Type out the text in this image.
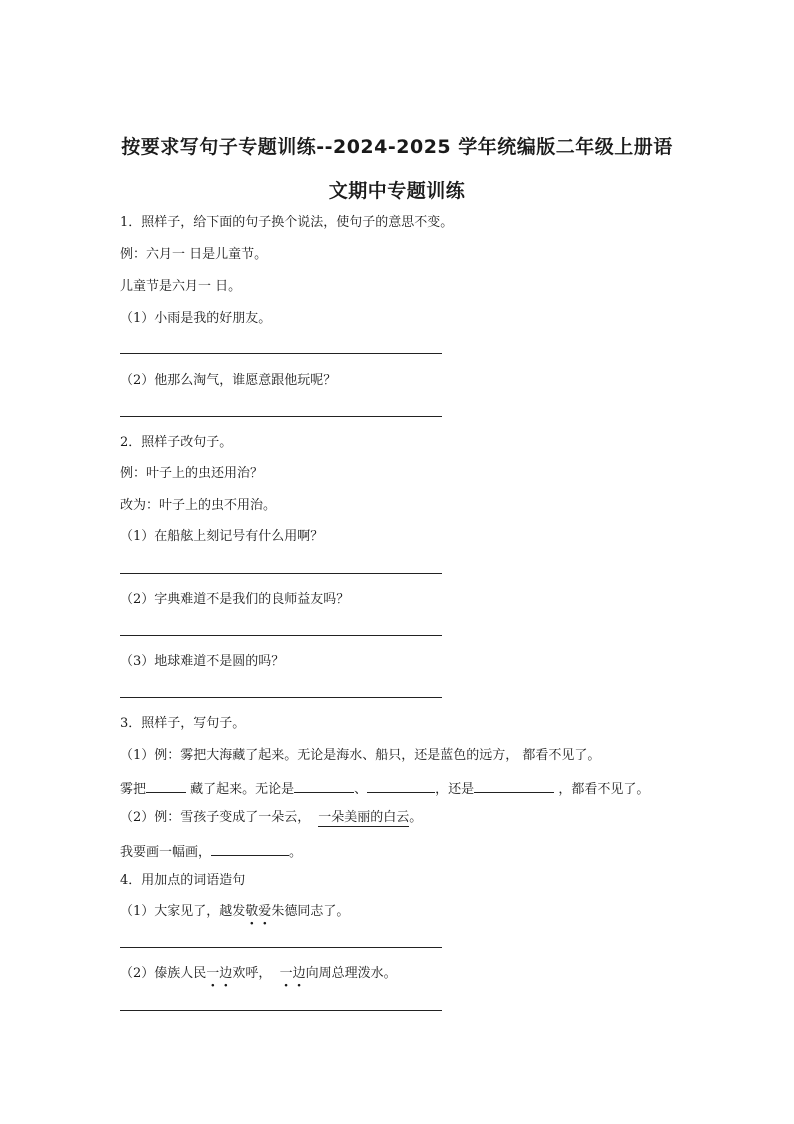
按要求写句子专题训练--2024-2025 学年统编版二年级上册语
文期中专题训练
1．照样子，给下面的句子换个说法，使句子的意思不变。
例：六月一 日是儿童节。
儿童节是六月一 日。
（1）小雨是我的好朋友。
（2）他那么淘气，谁愿意跟他玩呢？
2．照样子改句子。
例：叶子上的虫还用治？
改为：叶子上的虫不用治。
（1）在船舷上刻记号有什么用啊？
（2）字典难道不是我们的良师益友吗？
（3）地球难道不是圆的吗？
3．照样子，写句子。
（1）例：雾把大海藏了起来。无论是海水、船只，还是蓝色的远方， 都看不见了。
雾把	藏了起来。无论是	、	，还是	，都看不见了。
（2）例：雪孩子变成了一朵云， 一朵美丽的白云。
我要画一幅画，	。
4．用加点的词语造句
（1）大家见了，越发敬爱朱德同志了。
（2）傣族人民一边欢呼，  一边向周总理泼水。
